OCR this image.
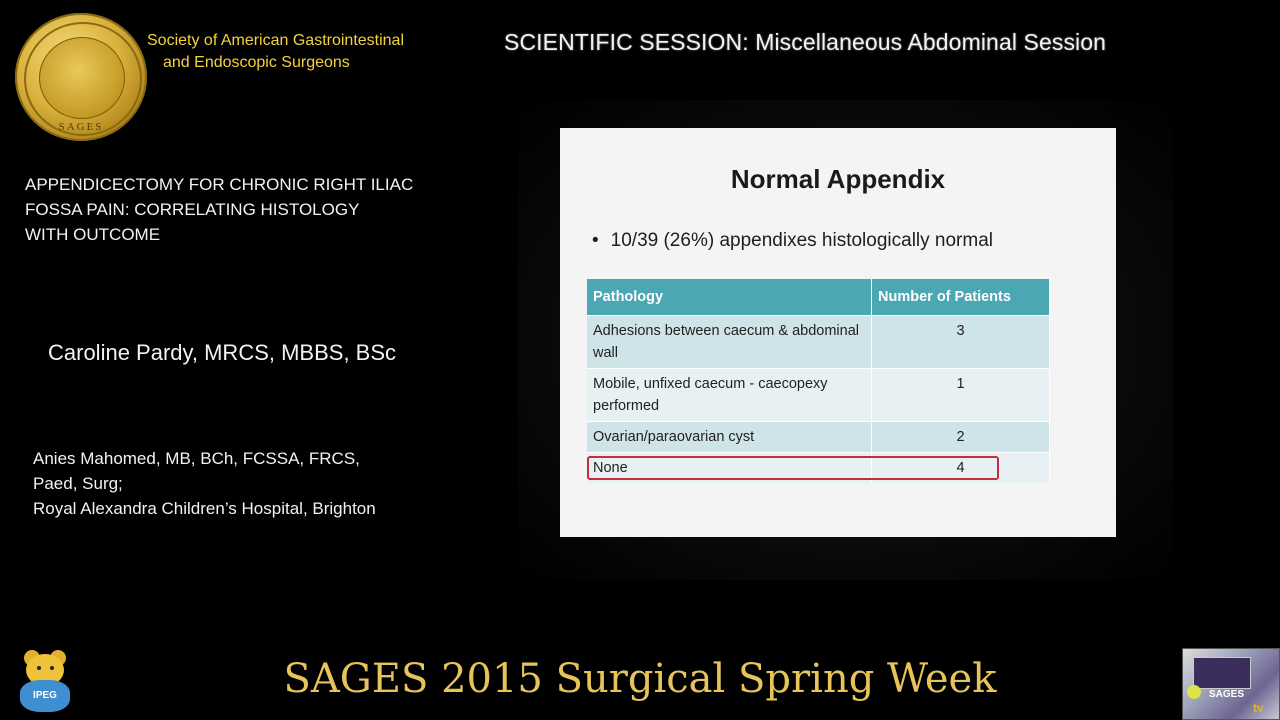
SAGES
Society of American Gastrointestinal
and Endoscopic Surgeons
SCIENTIFIC SESSION: Miscellaneous Abdominal Session
APPENDICECTOMY FOR CHRONIC RIGHT ILIAC
FOSSA PAIN: CORRELATING HISTOLOGY
WITH OUTCOME
Caroline Pardy, MRCS, MBBS, BSc
Anies Mahomed, MB, BCh, FCSSA, FRCS,
Paed, Surg;
Royal Alexandra Children’s Hospital, Brighton
Normal Appendix
• 10/39 (26%) appendixes histologically normal
Pathology	Number of Patients
Adhesions between caecum & abdominal wall	3
Mobile, unfixed caecum - caecopexy performed	1
Ovarian/paraovarian cyst	2
None	4
SAGES 2015 Surgical Spring Week
IPEG	SAGES
tv
